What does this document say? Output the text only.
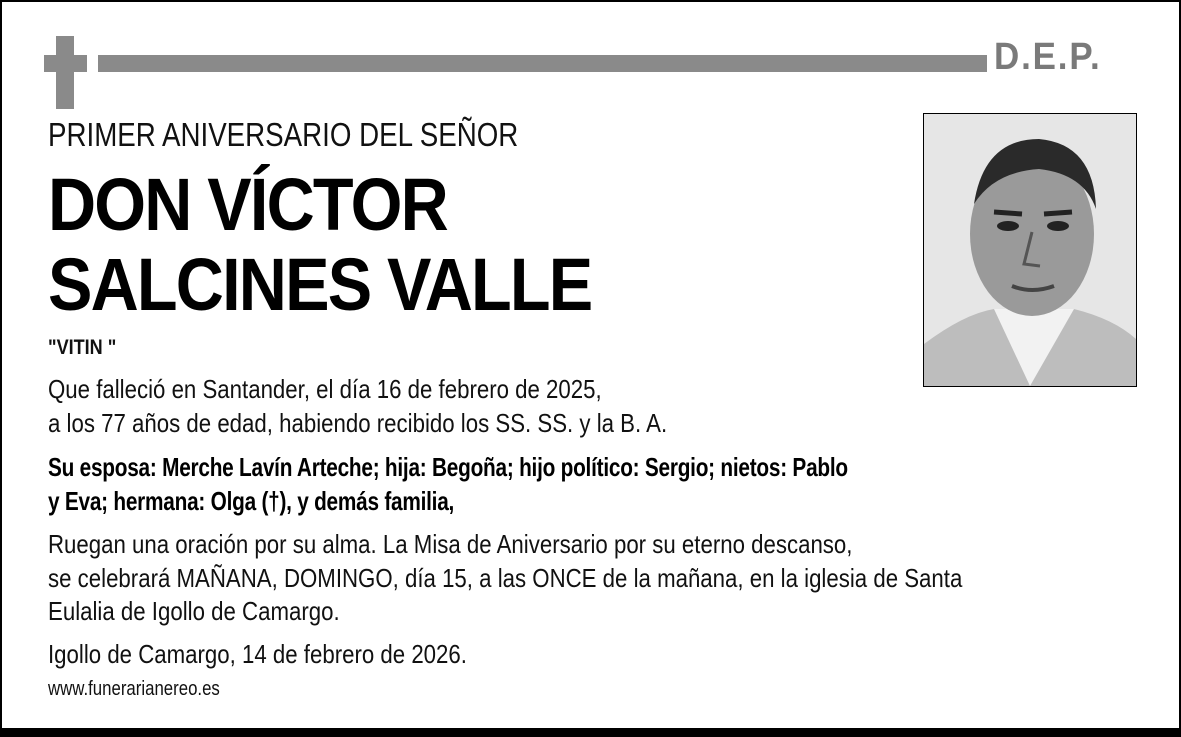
D.E.P.
PRIMER ANIVERSARIO DEL SEÑOR
DON VÍCTOR
SALCINES VALLE
"VITIN "
Que falleció en Santander, el día 16 de febrero de 2025,
a los 77 años de edad, habiendo recibido los SS. SS. y la B. A.
Su esposa: Merche Lavín Arteche; hija: Begoña; hijo político: Sergio; nietos: Pablo
y Eva; hermana: Olga (†), y demás familia,
Ruegan una oración por su alma. La Misa de Aniversario por su eterno descanso,
se celebrará MAÑANA, DOMINGO, día 15, a las ONCE de la mañana, en la iglesia de Santa
Eulalia de Igollo de Camargo.
Igollo de Camargo, 14 de febrero de 2026.
www.funerarianereo.es
